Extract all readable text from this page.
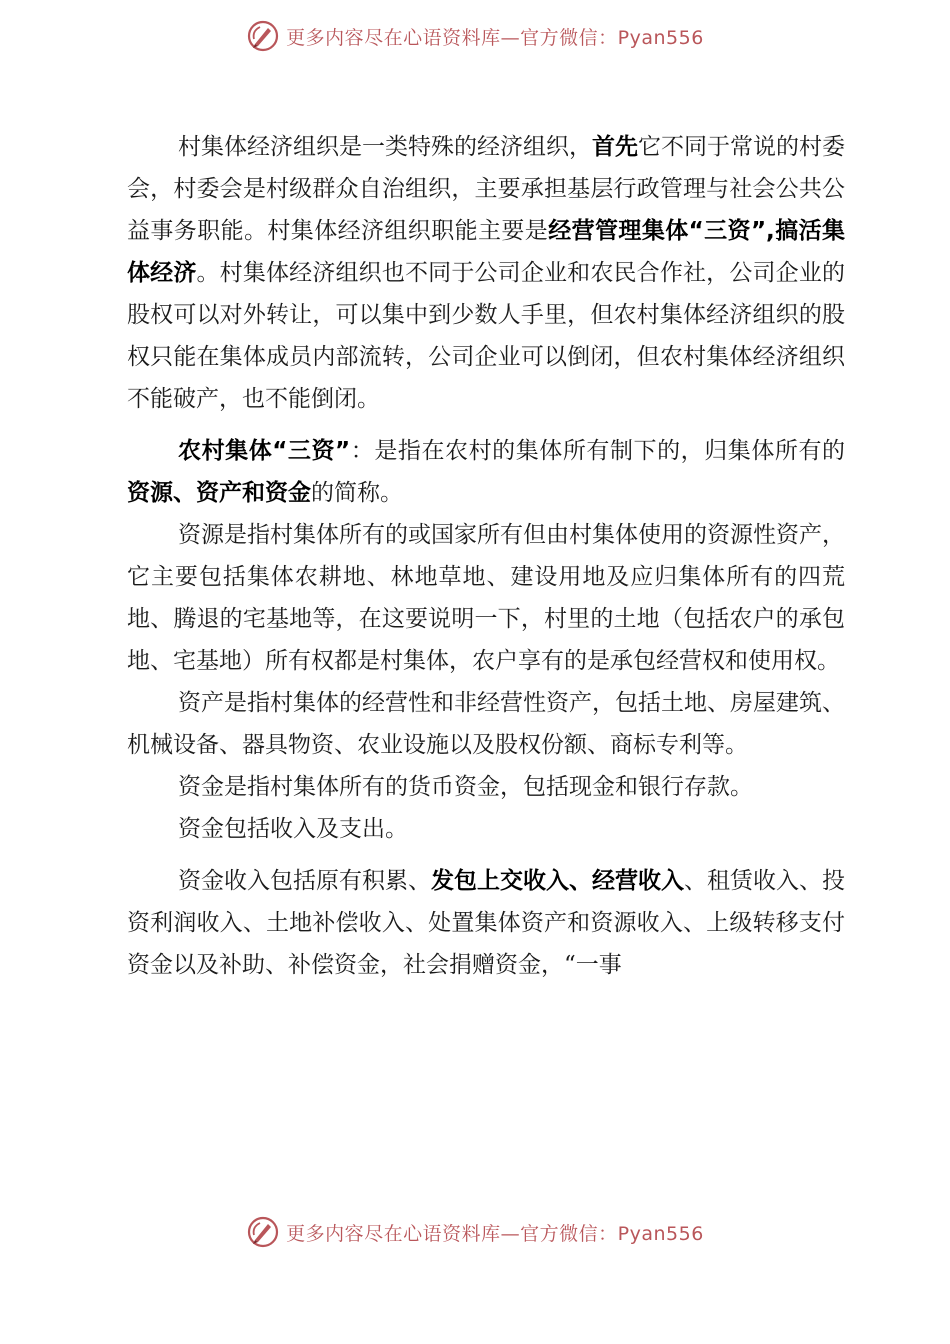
更多内容尽在心语资料库—官方微信：Pyan556

村集体经济组织是一类特殊的经济组织，首先它不同于常说的村委会，村委会是村级群众自治组织，主要承担基层行政管理与社会公共公益事务职能。村集体经济组织职能主要是经营管理集体“三资”,搞活集体经济。村集体经济组织也不同于公司企业和农民合作社，公司企业的股权可以对外转让，可以集中到少数人手里，但农村集体经济组织的股权只能在集体成员内部流转，公司企业可以倒闭，但农村集体经济组织不能破产，也不能倒闭。

农村集体“三资”：是指在农村的集体所有制下的，归集体所有的资源、资产和资金的简称。

资源是指村集体所有的或国家所有但由村集体使用的资源性资产，它主要包括集体农耕地、林地草地、建设用地及应归集体所有的四荒地、腾退的宅基地等，在这要说明一下，村里的土地（包括农户的承包地、宅基地）所有权都是村集体，农户享有的是承包经营权和使用权。

资产是指村集体的经营性和非经营性资产，包括土地、房屋建筑、机械设备、器具物资、农业设施以及股权份额、商标专利等。

资金是指村集体所有的货币资金，包括现金和银行存款。

资金包括收入及支出。

资金收入包括原有积累、发包上交收入、经营收入、租赁收入、投资利润收入、土地补偿收入、处置集体资产和资源收入、上级转移支付资金以及补助、补偿资金，社会捐赠资金，“一事

更多内容尽在心语资料库—官方微信：Pyan556
